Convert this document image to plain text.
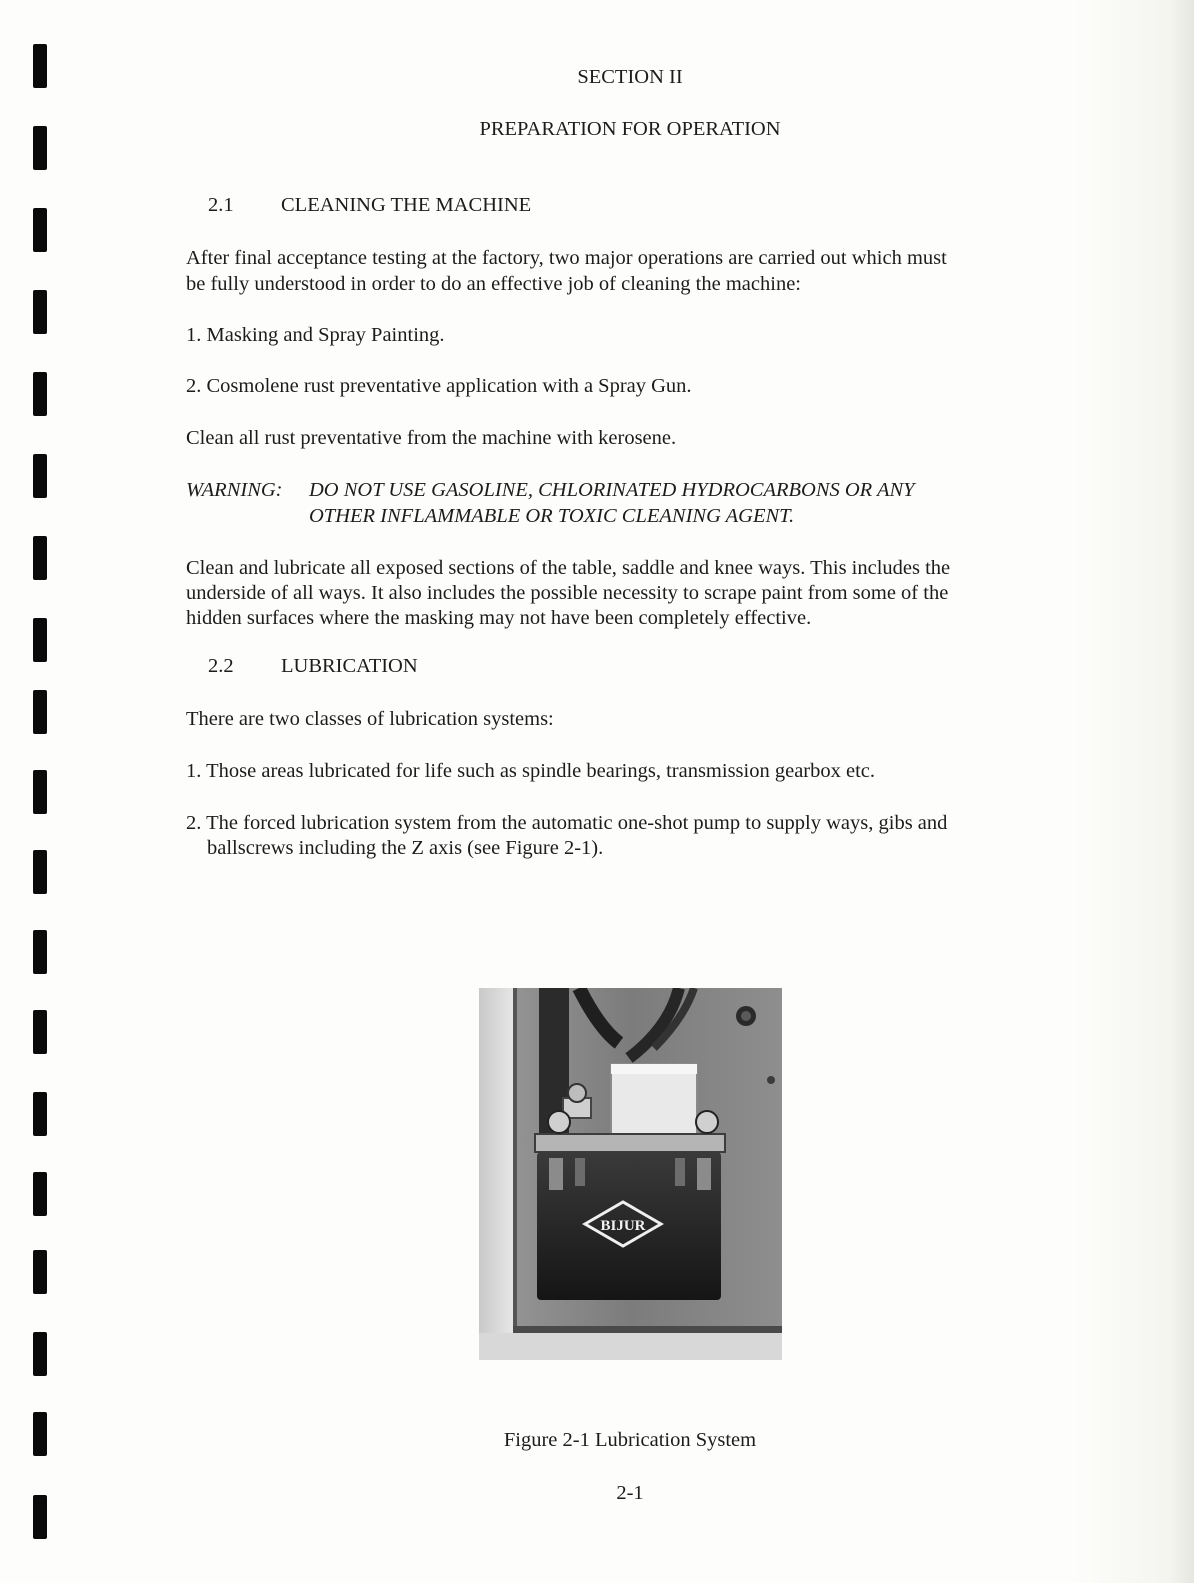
SECTION II
PREPARATION FOR OPERATION
2.1 CLEANING THE MACHINE
After final acceptance testing at the factory, two major operations are carried out which must
be fully understood in order to do an effective job of cleaning the machine:
1. Masking and Spray Painting.
2. Cosmolene rust preventative application with a Spray Gun.
Clean all rust preventative from the machine with kerosene.
WARNING: DO NOT USE GASOLINE, CHLORINATED HYDROCARBONS OR ANY
OTHER INFLAMMABLE OR TOXIC CLEANING AGENT.
Clean and lubricate all exposed sections of the table, saddle and knee ways. This includes the
underside of all ways. It also includes the possible necessity to scrape paint from some of the
hidden surfaces where the masking may not have been completely effective.
2.2 LUBRICATION
There are two classes of lubrication systems:
1. Those areas lubricated for life such as spindle bearings, transmission gearbox etc.
2. The forced lubrication system from the automatic one-shot pump to supply ways, gibs and
ballscrews including the Z axis (see Figure 2-1).
BIJUR
Figure 2-1 Lubrication System
2-1
